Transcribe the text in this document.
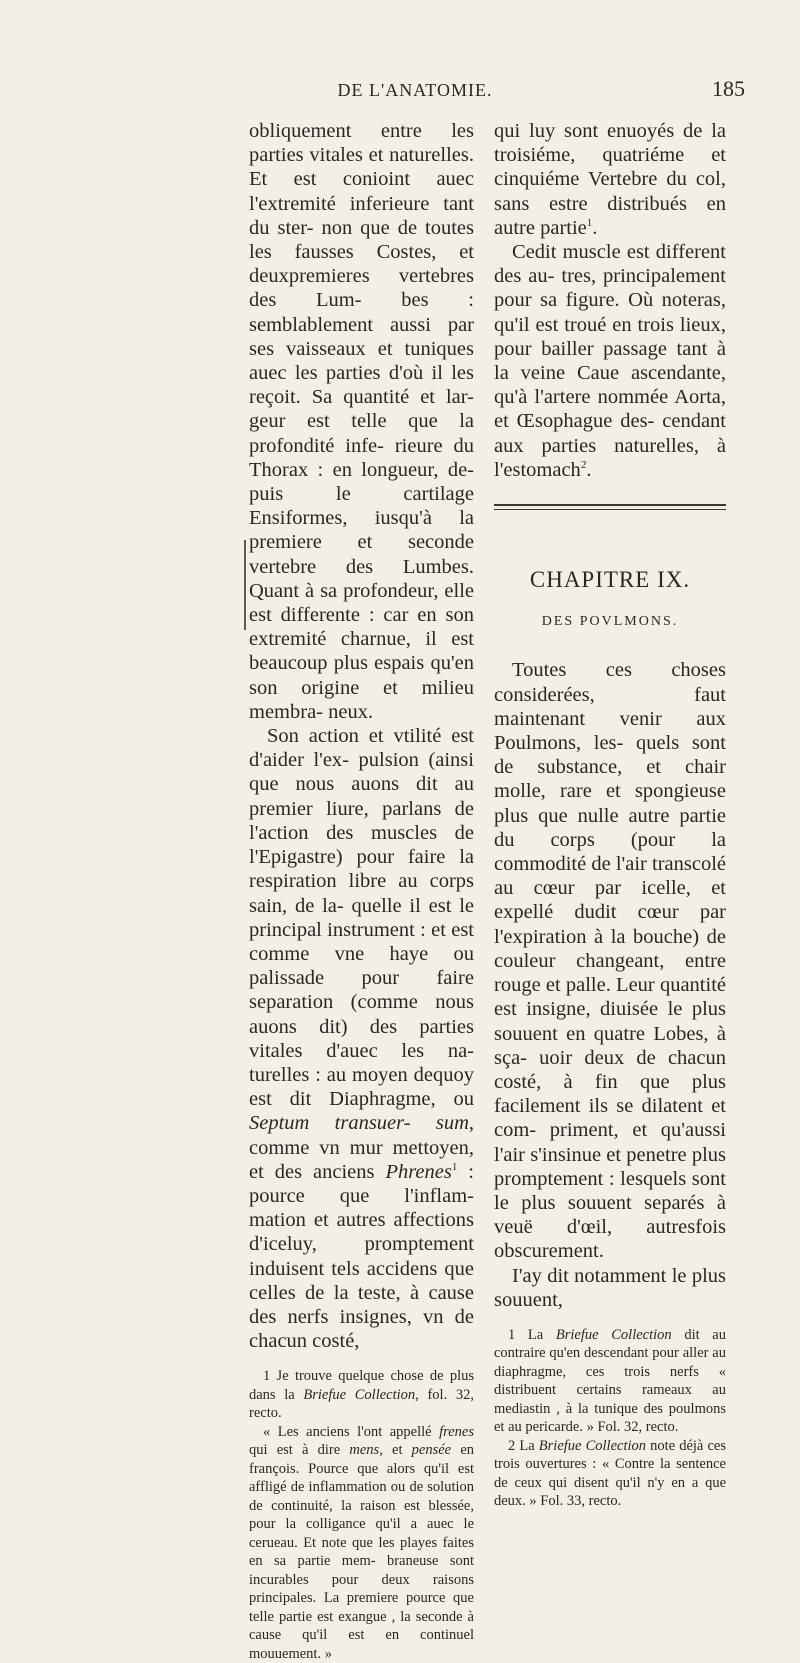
DE L'ANATOMIE.	185

obliquement entre les parties vitales et naturelles. Et est conioint auec l'extremité inferieure tant du ster- non que de toutes les fausses Costes, et deuxpremieres vertebres des Lum- bes : semblablement aussi par ses vaisseaux et tuniques auec les parties d'où il les reçoit. Sa quantité et lar- geur est telle que la profondité infe- rieure du Thorax : en longueur, de- puis le cartilage Ensiformes, iusqu'à la premiere et seconde vertebre des Lumbes. Quant à sa profondeur, elle est differente : car en son extremité charnue, il est beaucoup plus espais qu'en son origine et milieu membra- neux.

Son action et vtilité est d'aider l'ex- pulsion (ainsi que nous auons dit au premier liure, parlans de l'action des muscles de l'Epigastre) pour faire la respiration libre au corps sain, de la- quelle il est le principal instrument : et est comme vne haye ou palissade pour faire separation (comme nous auons dit) des parties vitales d'auec les na- turelles : au moyen dequoy est dit Diaphragme, ou Septum transuer- sum, comme vn mur mettoyen, et des anciens Phrenes$^1$ : pource que l'inflam- mation et autres affections d'iceluy, promptement induisent tels accidens que celles de la teste, à cause des nerfs insignes, vn de chacun costé,

1 Je trouve quelque chose de plus dans la Briefue Collection, fol. 32, recto.

« Les anciens l'ont appellé frenes qui est à dire mens, et pensée en françois. Pource que alors qu'il est affligé de inflammation ou de solution de continuité, la raison est blessée, pour la colligance qu'il a auec le cerueau. Et note que les playes faites en sa partie mem- braneuse sont incurables pour deux raisons principales. La premiere pource que telle partie est exangue , la seconde à cause qu'il est en continuel mouuement. »

qui luy sont enuoyés de la troisiéme, quatriéme et cinquiéme Vertebre du col, sans estre distribués en autre partie$^1$.

Cedit muscle est different des au- tres, principalement pour sa figure. Où noteras, qu'il est troué en trois lieux, pour bailler passage tant à la veine Caue ascendante, qu'à l'artere nommée Aorta, et Œsophague des- cendant aux parties naturelles, à l'estomach$^2$.

CHAPITRE IX.
DES POVLMONS.

Toutes ces choses considerées, faut maintenant venir aux Poulmons, les- quels sont de substance, et chair molle, rare et spongieuse plus que nulle autre partie du corps (pour la commodité de l'air transcolé au cœur par icelle, et expellé dudit cœur par l'expiration à la bouche) de couleur changeant, entre rouge et palle. Leur quantité est insigne, diuisée le plus souuent en quatre Lobes, à sça- uoir deux de chacun costé, à fin que plus facilement ils se dilatent et com- priment, et qu'aussi l'air s'insinue et penetre plus promptement : lesquels sont le plus souuent separés à veuë d'œil, autresfois obscurement.

I'ay dit notamment le plus souuent,

1 La Briefue Collection dit au contraire qu'en descendant pour aller au diaphragme, ces trois nerfs « distribuent certains rameaux au mediastin , à la tunique des poulmons et au pericarde. » Fol. 32, recto.

2 La Briefue Collection note déjà ces trois ouvertures : « Contre la sentence de ceux qui disent qu'il n'y en a que deux. » Fol. 33, recto.
